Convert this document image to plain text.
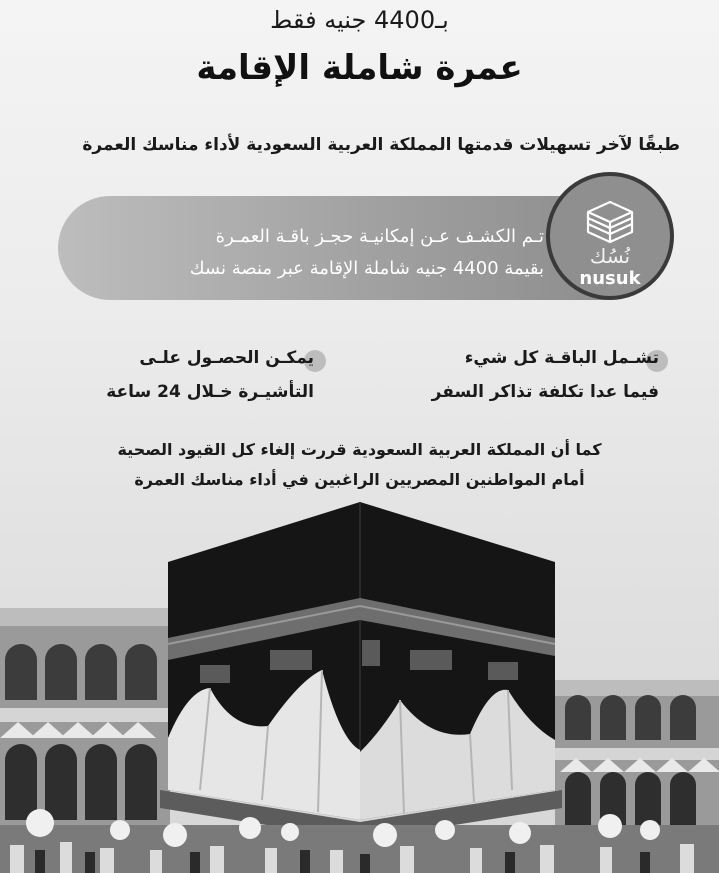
بـ4400 جنيه فقط
عمرة شاملة الإقامة
طبقًا لآخر تسهيلات قدمتها المملكة العربية السعودية لأداء مناسك العمرة
تـم الكشـف عـن إمكانيـة حجـز باقـة العمـرة
بقيمة 4400 جنيه شاملة الإقامة عبر منصة نسك
نُسُك
nusuk
تشـمل الباقـة كل شيء
فيما عدا تكلفة تذاكر السفر
يمكـن الحصـول علـى
التأشيـرة خـلال 24 ساعة
كما أن المملكة العربية السعودية قررت إلغاء كل القيود الصحية
أمام المواطنين المصريين الراغبين في أداء مناسك العمرة
